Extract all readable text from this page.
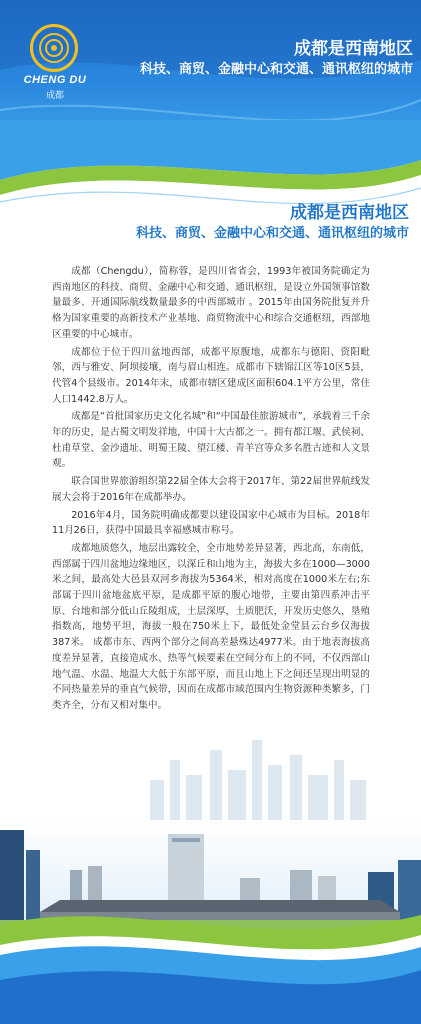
CHENG DU
成都
成都是西南地区
科技、商贸、金融中心和交通、通讯枢纽的城市
成都是西南地区
科技、商贸、金融中心和交通、通讯枢纽的城市

成都（Chengdu），简称蓉，是四川省省会，1993年被国务院确定为西南地区的科技、商贸、金融中心和交通、通讯枢纽，是设立外国领事馆数量最多、开通国际航线数量最多的中西部城市 。2015年由国务院批复并升格为国家重要的高新技术产业基地、商贸物流中心和综合交通枢纽，西部地区重要的中心城市。

成都位于位于四川盆地西部，成都平原腹地，成都东与德阳、资阳毗邻，西与雅安、阿坝接壤，南与眉山相连。成都市下辖锦江区等10区5县，代管4个县级市。2014年末，成都市辖区建成区面积604.1平方公里，常住人口1442.8万人。

成都是“首批国家历史文化名城”和“中国最佳旅游城市”，承载着三千余年的历史，是古蜀文明发祥地，中国十大古都之一。拥有都江堰、武侯祠、杜甫草堂、金沙遗址、明蜀王陵、望江楼、青羊宫等众多名胜古迹和人文景观。

联合国世界旅游组织第22届全体大会将于2017年、第22届世界航线发展大会将于2016年在成都举办。

2016年4月，国务院明确成都要以建设国家中心城市为目标。2018年11月26日，获得中国最具幸福感城市称号。

成都地质悠久，地层出露较全，全市地势差异显著，西北高，东南低，西部属于四川盆地边缘地区，以深丘和山地为主，海拔大多在1000—3000米之间，最高处大邑县双河乡海拔为5364米，相对高度在1000米左右;东部属于四川盆地盆底平原，是成都平原的腹心地带，主要由第四系冲击平原、台地和部分低山丘陵组成，土层深厚，土质肥沃，开发历史悠久，垦殖指数高，地势平坦，海拔一般在750米上下，最低处金堂县云台乡仅海拔387米。 成都市东、西两个部分之间高差悬殊达4977米。由于地表海拔高度差异显著，直接造成水、热等气候要素在空间分布上的不同，不仅西部山地气温、水温、地温大大低于东部平原，而且山地上下之间还呈现出明显的不同热量差异的垂直气候带，因而在成都市域范围内生物资源种类繁多，门类齐全，分布又相对集中。
